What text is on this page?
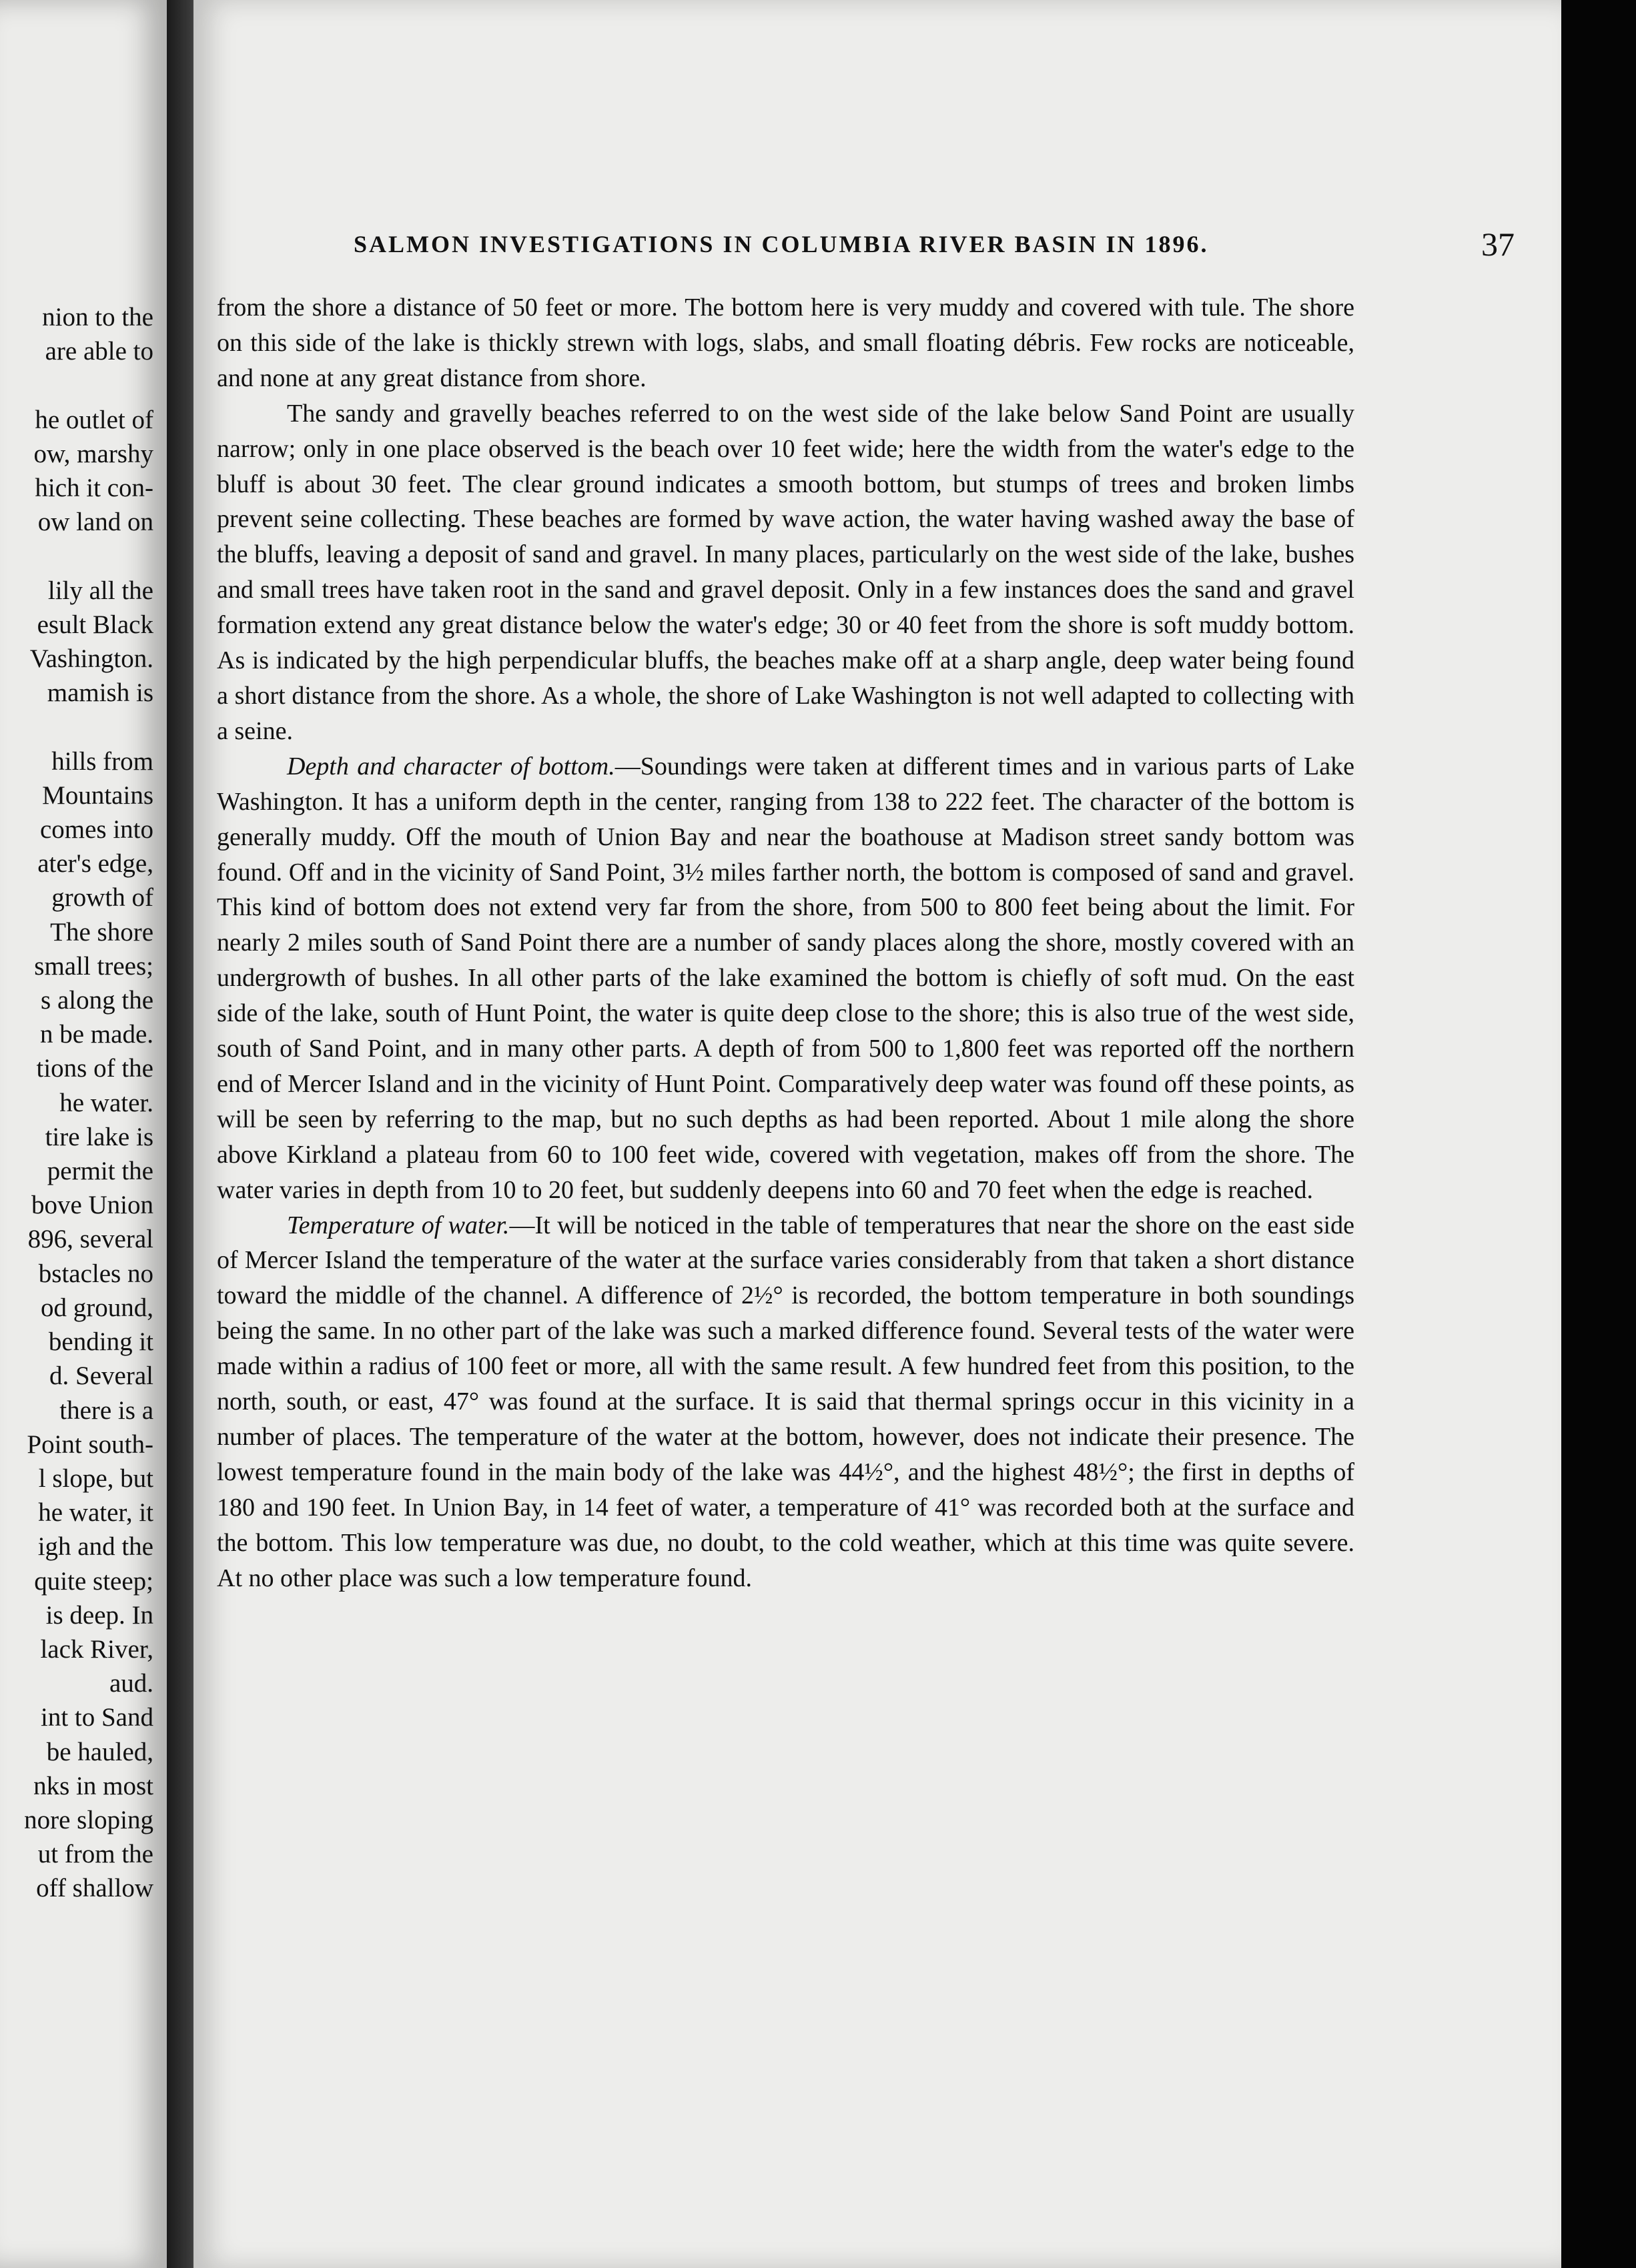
nion to the
are able to

he outlet of
ow, marshy
hich it con-
ow land on

lily all the
esult Black
Vashington.
mamish is

hills from
Mountains
comes into
ater's edge,
growth of
The shore
small trees;
s along the
n be made.
tions of the
he water.
tire lake is
permit the
bove Union
896, several
bstacles no
od ground,
bending it
d. Several
there is a
Point south-
l slope, but
he water, it
igh and the
quite steep;
is deep. In
lack River,
aud.
int to Sand
be hauled,
nks in most
nore sloping
ut from the
off shallow
SALMON INVESTIGATIONS IN COLUMBIA RIVER BASIN IN 1896.	37

from the shore a distance of 50 feet or more. The bottom here is very muddy and covered with tule. The shore on this side of the lake is thickly strewn with logs, slabs, and small floating débris. Few rocks are noticeable, and none at any great distance from shore.

The sandy and gravelly beaches referred to on the west side of the lake below Sand Point are usually narrow; only in one place observed is the beach over 10 feet wide; here the width from the water's edge to the bluff is about 30 feet. The clear ground indicates a smooth bottom, but stumps of trees and broken limbs prevent seine collecting. These beaches are formed by wave action, the water having washed away the base of the bluffs, leaving a deposit of sand and gravel. In many places, particularly on the west side of the lake, bushes and small trees have taken root in the sand and gravel deposit. Only in a few instances does the sand and gravel formation extend any great distance below the water's edge; 30 or 40 feet from the shore is soft muddy bottom. As is indicated by the high perpendicular bluffs, the beaches make off at a sharp angle, deep water being found a short distance from the shore. As a whole, the shore of Lake Washington is not well adapted to collecting with a seine.

Depth and character of bottom.—Soundings were taken at different times and in various parts of Lake Washington. It has a uniform depth in the center, ranging from 138 to 222 feet. The character of the bottom is generally muddy. Off the mouth of Union Bay and near the boathouse at Madison street sandy bottom was found. Off and in the vicinity of Sand Point, 3½ miles farther north, the bottom is composed of sand and gravel. This kind of bottom does not extend very far from the shore, from 500 to 800 feet being about the limit. For nearly 2 miles south of Sand Point there are a number of sandy places along the shore, mostly covered with an undergrowth of bushes. In all other parts of the lake examined the bottom is chiefly of soft mud. On the east side of the lake, south of Hunt Point, the water is quite deep close to the shore; this is also true of the west side, south of Sand Point, and in many other parts. A depth of from 500 to 1,800 feet was reported off the northern end of Mercer Island and in the vicinity of Hunt Point. Comparatively deep water was found off these points, as will be seen by referring to the map, but no such depths as had been reported. About 1 mile along the shore above Kirkland a plateau from 60 to 100 feet wide, covered with vegetation, makes off from the shore. The water varies in depth from 10 to 20 feet, but suddenly deepens into 60 and 70 feet when the edge is reached.

Temperature of water.—It will be noticed in the table of temperatures that near the shore on the east side of Mercer Island the temperature of the water at the surface varies considerably from that taken a short distance toward the middle of the channel. A difference of 2½° is recorded, the bottom temperature in both soundings being the same. In no other part of the lake was such a marked difference found. Several tests of the water were made within a radius of 100 feet or more, all with the same result. A few hundred feet from this position, to the north, south, or east, 47° was found at the surface. It is said that thermal springs occur in this vicinity in a number of places. The temperature of the water at the bottom, however, does not indicate their presence. The lowest temperature found in the main body of the lake was 44½°, and the highest 48½°; the first in depths of 180 and 190 feet. In Union Bay, in 14 feet of water, a temperature of 41° was recorded both at the surface and the bottom. This low temperature was due, no doubt, to the cold weather, which at this time was quite severe. At no other place was such a low temperature found.
